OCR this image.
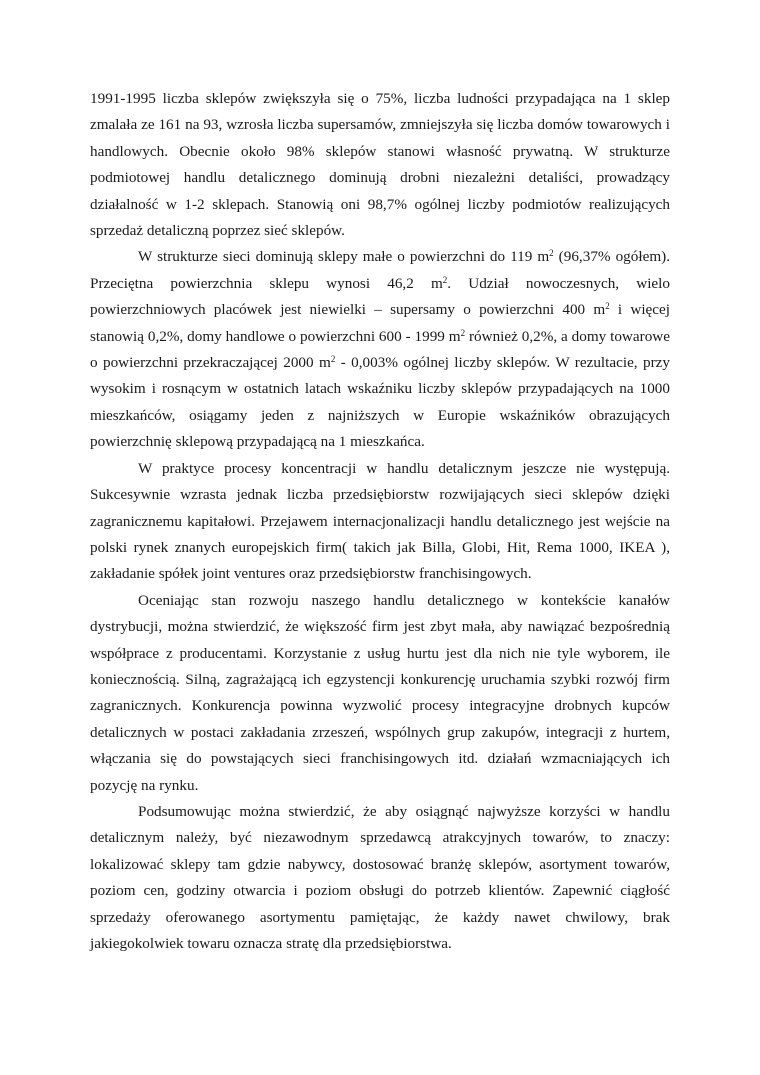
1991-1995 liczba sklepów zwiększyła się o 75%, liczba ludności przypadająca na 1 sklep zmalała ze 161 na 93, wzrosła liczba supersamów, zmniejszyła się liczba domów towarowych i handlowych. Obecnie około 98% sklepów stanowi własność prywatną. W strukturze podmiotowej handlu detalicznego dominują drobni niezależni detaliści, prowadzący działalność w 1-2 sklepach. Stanowią oni 98,7% ogólnej liczby podmiotów realizujących sprzedaż detaliczną poprzez sieć sklepów.

W strukturze sieci dominują sklepy małe o powierzchni do 119 $m^2$ (96,37% ogółem). Przeciętna powierzchnia sklepu wynosi 46,2 $m^2$. Udział nowoczesnych, wielo powierzchniowych placówek jest niewielki – supersamy o powierzchni 400 $m^2$ i więcej stanowią 0,2%, domy handlowe o powierzchni 600 - 1999 $m^2$ również 0,2%, a domy towarowe o powierzchni przekraczającej 2000 $m^2 - 0,003\%$ ogólnej liczby sklepów. W rezultacie, przy wysokim i rosnącym w ostatnich latach wskaźniku liczby sklepów przypadających na 1000 mieszkańców, osiągamy jeden z najniższych w Europie wskaźników obrazujących powierzchnię sklepową przypadającą na 1 mieszkańca.

W praktyce procesy koncentracji w handlu detalicznym jeszcze nie występują. Sukcesywnie wzrasta jednak liczba przedsiębiorstw rozwijających sieci sklepów dzięki zagranicznemu kapitałowi. Przejawem internacjonalizacji handlu detalicznego jest wejście na polski rynek znanych europejskich firm( takich jak Billa, Globi, Hit, Rema 1000, IKEA ), zakładanie spółek joint ventures oraz przedsiębiorstw franchisingowych.

Oceniając stan rozwoju naszego handlu detalicznego w kontekście kanałów dystrybucji, można stwierdzić, że większość firm jest zbyt mała, aby nawiązać bezpośrednią współprace z producentami. Korzystanie z usług hurtu jest dla nich nie tyle wyborem, ile koniecznością. Silną, zagrażającą ich egzystencji konkurencję uruchamia szybki rozwój firm zagranicznych. Konkurencja powinna wyzwolić procesy integracyjne drobnych kupców detalicznych w postaci zakładania zrzeszeń, wspólnych grup zakupów, integracji z hurtem, włączania się do powstających sieci franchisingowych itd. działań wzmacniających ich pozycję na rynku.

Podsumowując można stwierdzić, że aby osiągnąć najwyższe korzyści w handlu detalicznym należy, być niezawodnym sprzedawcą atrakcyjnych towarów, to znaczy: lokalizować sklepy tam gdzie nabywcy, dostosować branżę sklepów, asortyment towarów, poziom cen, godziny otwarcia i poziom obsługi do potrzeb klientów. Zapewnić ciągłość sprzedaży oferowanego asortymentu pamiętając, że każdy nawet chwilowy, brak jakiegokolwiek towaru oznacza stratę dla przedsiębiorstwa.
